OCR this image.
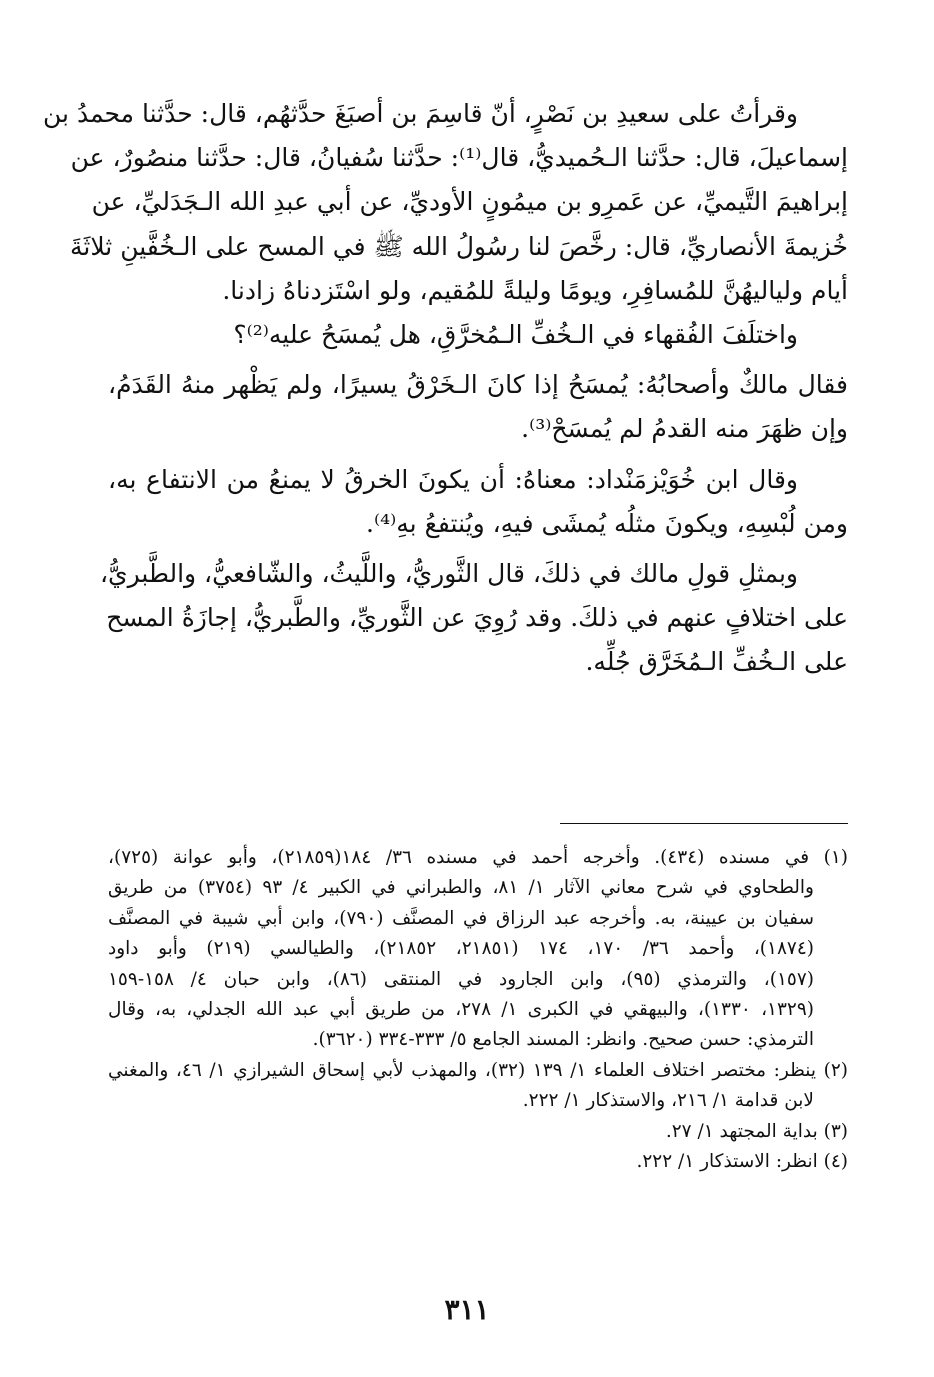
وقرأتُ على سعيدِ بن نَصْرٍ، أنّ قاسِمَ بن أصبَغَ حدَّثهُم، قال: حدَّثنا محمدُ بن
إسماعيلَ، قال: حدَّثنا الـحُميديُّ، قال⁽¹⁾: حدَّثنا سُفيانُ، قال: حدَّثنا منصُورٌ، عن
إبراهيمَ التَّيميِّ، عن عَمرِو بن ميمُونٍ الأوديِّ، عن أبي عبدِ الله الـجَدَليِّ، عن
خُزيمةَ الأنصاريِّ، قال: رخَّصَ لنا رسُولُ الله ﷺ في المسح على الـخُفَّينِ ثلاثَةَ
أيام ولياليهُنَّ للمُسافِرِ، ويومًا وليلةً للمُقيم، ولو اسْتَزدناهُ زادنا.
واختلَفَ الفُقهاء في الـخُفِّ الـمُخرَّقِ، هل يُمسَحُ عليه⁽²⁾؟
فقال مالكٌ وأصحابُهُ: يُمسَحُ إذا كانَ الـخَرْقُ يسيرًا، ولم يَظْهر منهُ القَدَمُ،
وإن ظهَرَ منه القدمُ لم يُمسَحْ⁽³⁾.
وقال ابن خُوَيْزمَنْداد: معناهُ: أن يكونَ الخرقُ لا يمنعُ من الانتفاع به،
ومن لُبْسِهِ، ويكونَ مثلُه يُمشَى فيهِ، ويُنتفعُ بهِ⁽⁴⁾.
وبمثلِ قولِ مالك في ذلكَ، قال الثَّوريُّ، واللَّيثُ، والشّافعيُّ، والطَّبريُّ،
على اختلافٍ عنهم في ذلكَ. وقد رُوِيَ عن الثَّوريِّ، والطَّبريُّ، إجازَةُ المسح
على الـخُفِّ الـمُخَرَّق جُلِّه.
(١) في مسنده (٤٣٤). وأخرجه أحمد في مسنده ٣٦/ ١٨٤(٢١٨٥٩)، وأبو عوانة (٧٢٥)،
والطحاوي في شرح معاني الآثار ١/ ٨١، والطبراني في الكبير ٤/ ٩٣ (٣٧٥٤) من طريق
سفيان بن عيينة، به. وأخرجه عبد الرزاق في المصنَّف (٧٩٠)، وابن أبي شيبة في المصنَّف
(١٨٧٤)، وأحمد ٣٦/ ١٧٠، ١٧٤ (٢١٨٥١، ٢١٨٥٢)، والطيالسي (٢١٩) وأبو داود
(١٥٧)، والترمذي (٩٥)، وابن الجارود في المنتقى (٨٦)، وابن حبان ٤/ ١٥٨-١٥٩
(١٣٢٩، ١٣٣٠)، والبيهقي في الكبرى ١/ ٢٧٨، من طريق أبي عبد الله الجدلي، به، وقال
الترمذي: حسن صحيح. وانظر: المسند الجامع ٥/ ٣٣٣-٣٣٤ (٣٦٢٠).
(٢) ينظر: مختصر اختلاف العلماء ١/ ١٣٩ (٣٢)، والمهذب لأبي إسحاق الشيرازي ١/ ٤٦، والمغني
لابن قدامة ١/ ٢١٦، والاستذكار ١/ ٢٢٢.
(٣) بداية المجتهد ١/ ٢٧.
(٤) انظر: الاستذكار ١/ ٢٢٢.
٣١١
